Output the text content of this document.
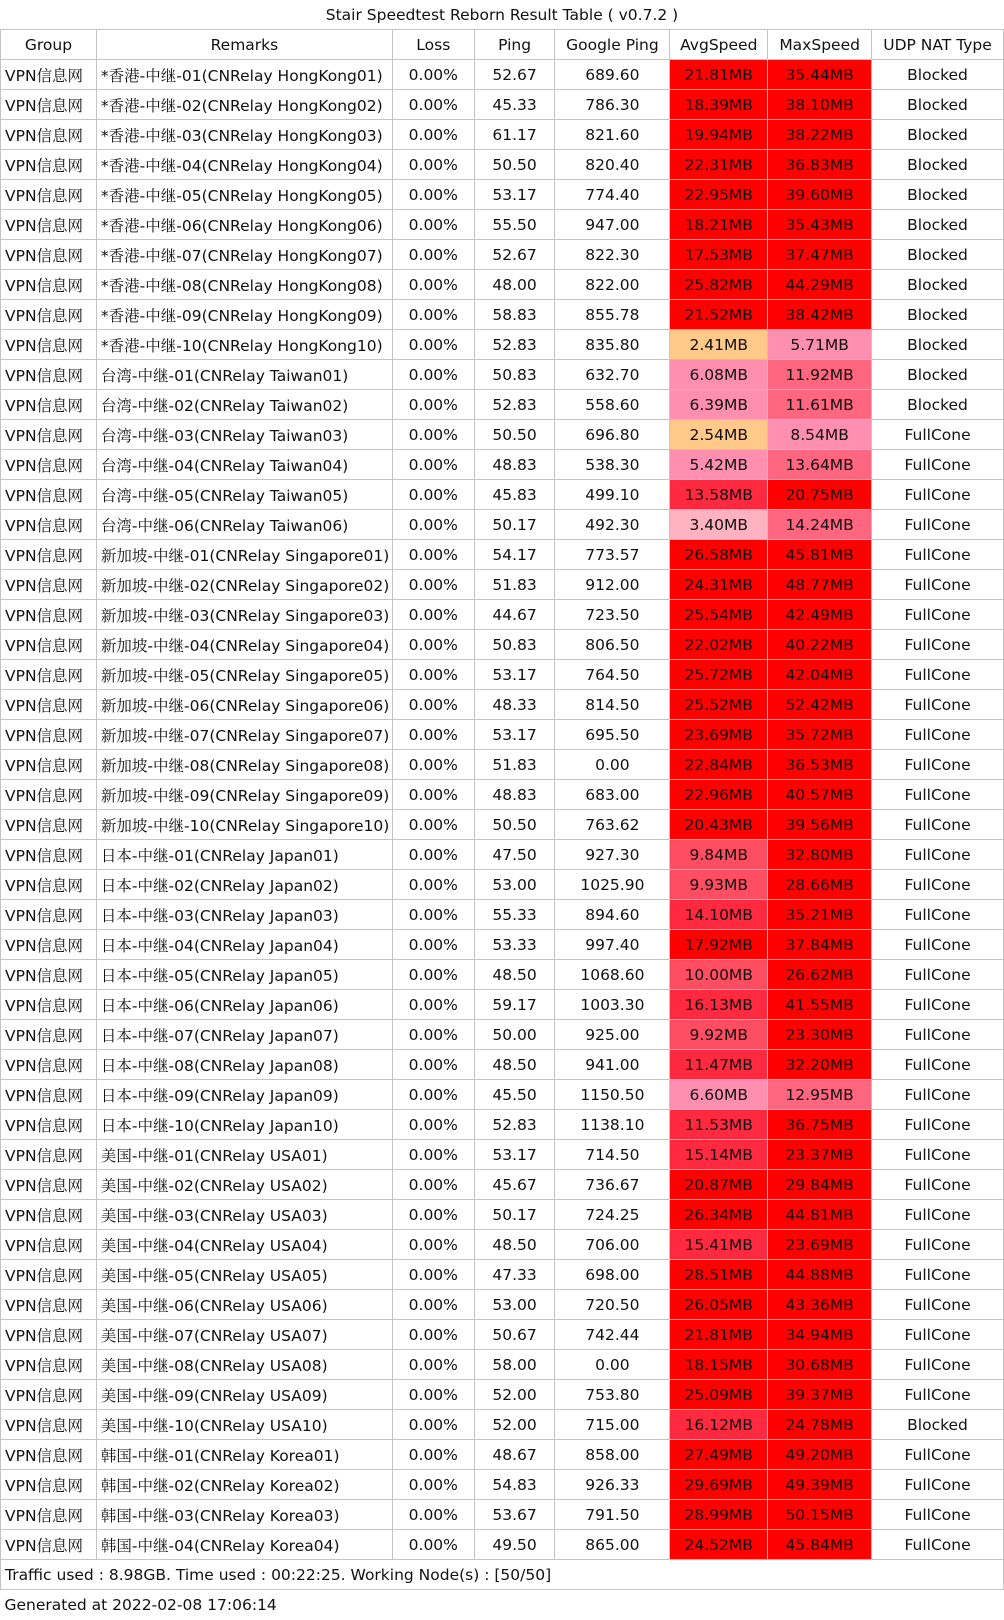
Stair Speedtest Reborn Result Table ( v0.7.2 )							
Group	Remarks	Loss	Ping	Google Ping	AvgSpeed	MaxSpeed	UDP NAT Type
VPN信息网	*香港-中继-01(CNRelay HongKong01)	0.00%	52.67	689.60	21.81MB	35.44MB	Blocked
VPN信息网	*香港-中继-02(CNRelay HongKong02)	0.00%	45.33	786.30	18.39MB	38.10MB	Blocked
VPN信息网	*香港-中继-03(CNRelay HongKong03)	0.00%	61.17	821.60	19.94MB	38.22MB	Blocked
VPN信息网	*香港-中继-04(CNRelay HongKong04)	0.00%	50.50	820.40	22.31MB	36.83MB	Blocked
VPN信息网	*香港-中继-05(CNRelay HongKong05)	0.00%	53.17	774.40	22.95MB	39.60MB	Blocked
VPN信息网	*香港-中继-06(CNRelay HongKong06)	0.00%	55.50	947.00	18.21MB	35.43MB	Blocked
VPN信息网	*香港-中继-07(CNRelay HongKong07)	0.00%	52.67	822.30	17.53MB	37.47MB	Blocked
VPN信息网	*香港-中继-08(CNRelay HongKong08)	0.00%	48.00	822.00	25.82MB	44.29MB	Blocked
VPN信息网	*香港-中继-09(CNRelay HongKong09)	0.00%	58.83	855.78	21.52MB	38.42MB	Blocked
VPN信息网	*香港-中继-10(CNRelay HongKong10)	0.00%	52.83	835.80	2.41MB	5.71MB	Blocked
VPN信息网	台湾-中继-01(CNRelay Taiwan01)	0.00%	50.83	632.70	6.08MB	11.92MB	Blocked
VPN信息网	台湾-中继-02(CNRelay Taiwan02)	0.00%	52.83	558.60	6.39MB	11.61MB	Blocked
VPN信息网	台湾-中继-03(CNRelay Taiwan03)	0.00%	50.50	696.80	2.54MB	8.54MB	FullCone
VPN信息网	台湾-中继-04(CNRelay Taiwan04)	0.00%	48.83	538.30	5.42MB	13.64MB	FullCone
VPN信息网	台湾-中继-05(CNRelay Taiwan05)	0.00%	45.83	499.10	13.58MB	20.75MB	FullCone
VPN信息网	台湾-中继-06(CNRelay Taiwan06)	0.00%	50.17	492.30	3.40MB	14.24MB	FullCone
VPN信息网	新加坡-中继-01(CNRelay Singapore01)	0.00%	54.17	773.57	26.58MB	45.81MB	FullCone
VPN信息网	新加坡-中继-02(CNRelay Singapore02)	0.00%	51.83	912.00	24.31MB	48.77MB	FullCone
VPN信息网	新加坡-中继-03(CNRelay Singapore03)	0.00%	44.67	723.50	25.54MB	42.49MB	FullCone
VPN信息网	新加坡-中继-04(CNRelay Singapore04)	0.00%	50.83	806.50	22.02MB	40.22MB	FullCone
VPN信息网	新加坡-中继-05(CNRelay Singapore05)	0.00%	53.17	764.50	25.72MB	42.04MB	FullCone
VPN信息网	新加坡-中继-06(CNRelay Singapore06)	0.00%	48.33	814.50	25.52MB	52.42MB	FullCone
VPN信息网	新加坡-中继-07(CNRelay Singapore07)	0.00%	53.17	695.50	23.69MB	35.72MB	FullCone
VPN信息网	新加坡-中继-08(CNRelay Singapore08)	0.00%	51.83	0.00	22.84MB	36.53MB	FullCone
VPN信息网	新加坡-中继-09(CNRelay Singapore09)	0.00%	48.83	683.00	22.96MB	40.57MB	FullCone
VPN信息网	新加坡-中继-10(CNRelay Singapore10)	0.00%	50.50	763.62	20.43MB	39.56MB	FullCone
VPN信息网	日本-中继-01(CNRelay Japan01)	0.00%	47.50	927.30	9.84MB	32.80MB	FullCone
VPN信息网	日本-中继-02(CNRelay Japan02)	0.00%	53.00	1025.90	9.93MB	28.66MB	FullCone
VPN信息网	日本-中继-03(CNRelay Japan03)	0.00%	55.33	894.60	14.10MB	35.21MB	FullCone
VPN信息网	日本-中继-04(CNRelay Japan04)	0.00%	53.33	997.40	17.92MB	37.84MB	FullCone
VPN信息网	日本-中继-05(CNRelay Japan05)	0.00%	48.50	1068.60	10.00MB	26.62MB	FullCone
VPN信息网	日本-中继-06(CNRelay Japan06)	0.00%	59.17	1003.30	16.13MB	41.55MB	FullCone
VPN信息网	日本-中继-07(CNRelay Japan07)	0.00%	50.00	925.00	9.92MB	23.30MB	FullCone
VPN信息网	日本-中继-08(CNRelay Japan08)	0.00%	48.50	941.00	11.47MB	32.20MB	FullCone
VPN信息网	日本-中继-09(CNRelay Japan09)	0.00%	45.50	1150.50	6.60MB	12.95MB	FullCone
VPN信息网	日本-中继-10(CNRelay Japan10)	0.00%	52.83	1138.10	11.53MB	36.75MB	FullCone
VPN信息网	美国-中继-01(CNRelay USA01)	0.00%	53.17	714.50	15.14MB	23.37MB	FullCone
VPN信息网	美国-中继-02(CNRelay USA02)	0.00%	45.67	736.67	20.87MB	29.84MB	FullCone
VPN信息网	美国-中继-03(CNRelay USA03)	0.00%	50.17	724.25	26.34MB	44.81MB	FullCone
VPN信息网	美国-中继-04(CNRelay USA04)	0.00%	48.50	706.00	15.41MB	23.69MB	FullCone
VPN信息网	美国-中继-05(CNRelay USA05)	0.00%	47.33	698.00	28.51MB	44.88MB	FullCone
VPN信息网	美国-中继-06(CNRelay USA06)	0.00%	53.00	720.50	26.05MB	43.36MB	FullCone
VPN信息网	美国-中继-07(CNRelay USA07)	0.00%	50.67	742.44	21.81MB	34.94MB	FullCone
VPN信息网	美国-中继-08(CNRelay USA08)	0.00%	58.00	0.00	18.15MB	30.68MB	FullCone
VPN信息网	美国-中继-09(CNRelay USA09)	0.00%	52.00	753.80	25.09MB	39.37MB	FullCone
VPN信息网	美国-中继-10(CNRelay USA10)	0.00%	52.00	715.00	16.12MB	24.78MB	Blocked
VPN信息网	韩国-中继-01(CNRelay Korea01)	0.00%	48.67	858.00	27.49MB	49.20MB	FullCone
VPN信息网	韩国-中继-02(CNRelay Korea02)	0.00%	54.83	926.33	29.69MB	49.39MB	FullCone
VPN信息网	韩国-中继-03(CNRelay Korea03)	0.00%	53.67	791.50	28.99MB	50.15MB	FullCone
VPN信息网	韩国-中继-04(CNRelay Korea04)	0.00%	49.50	865.00	24.52MB	45.84MB	FullCone
Traffic used : 8.98GB. Time used : 00:22:25. Working Node(s) : [50/50]							
Generated at 2022-02-08 17:06:14							
